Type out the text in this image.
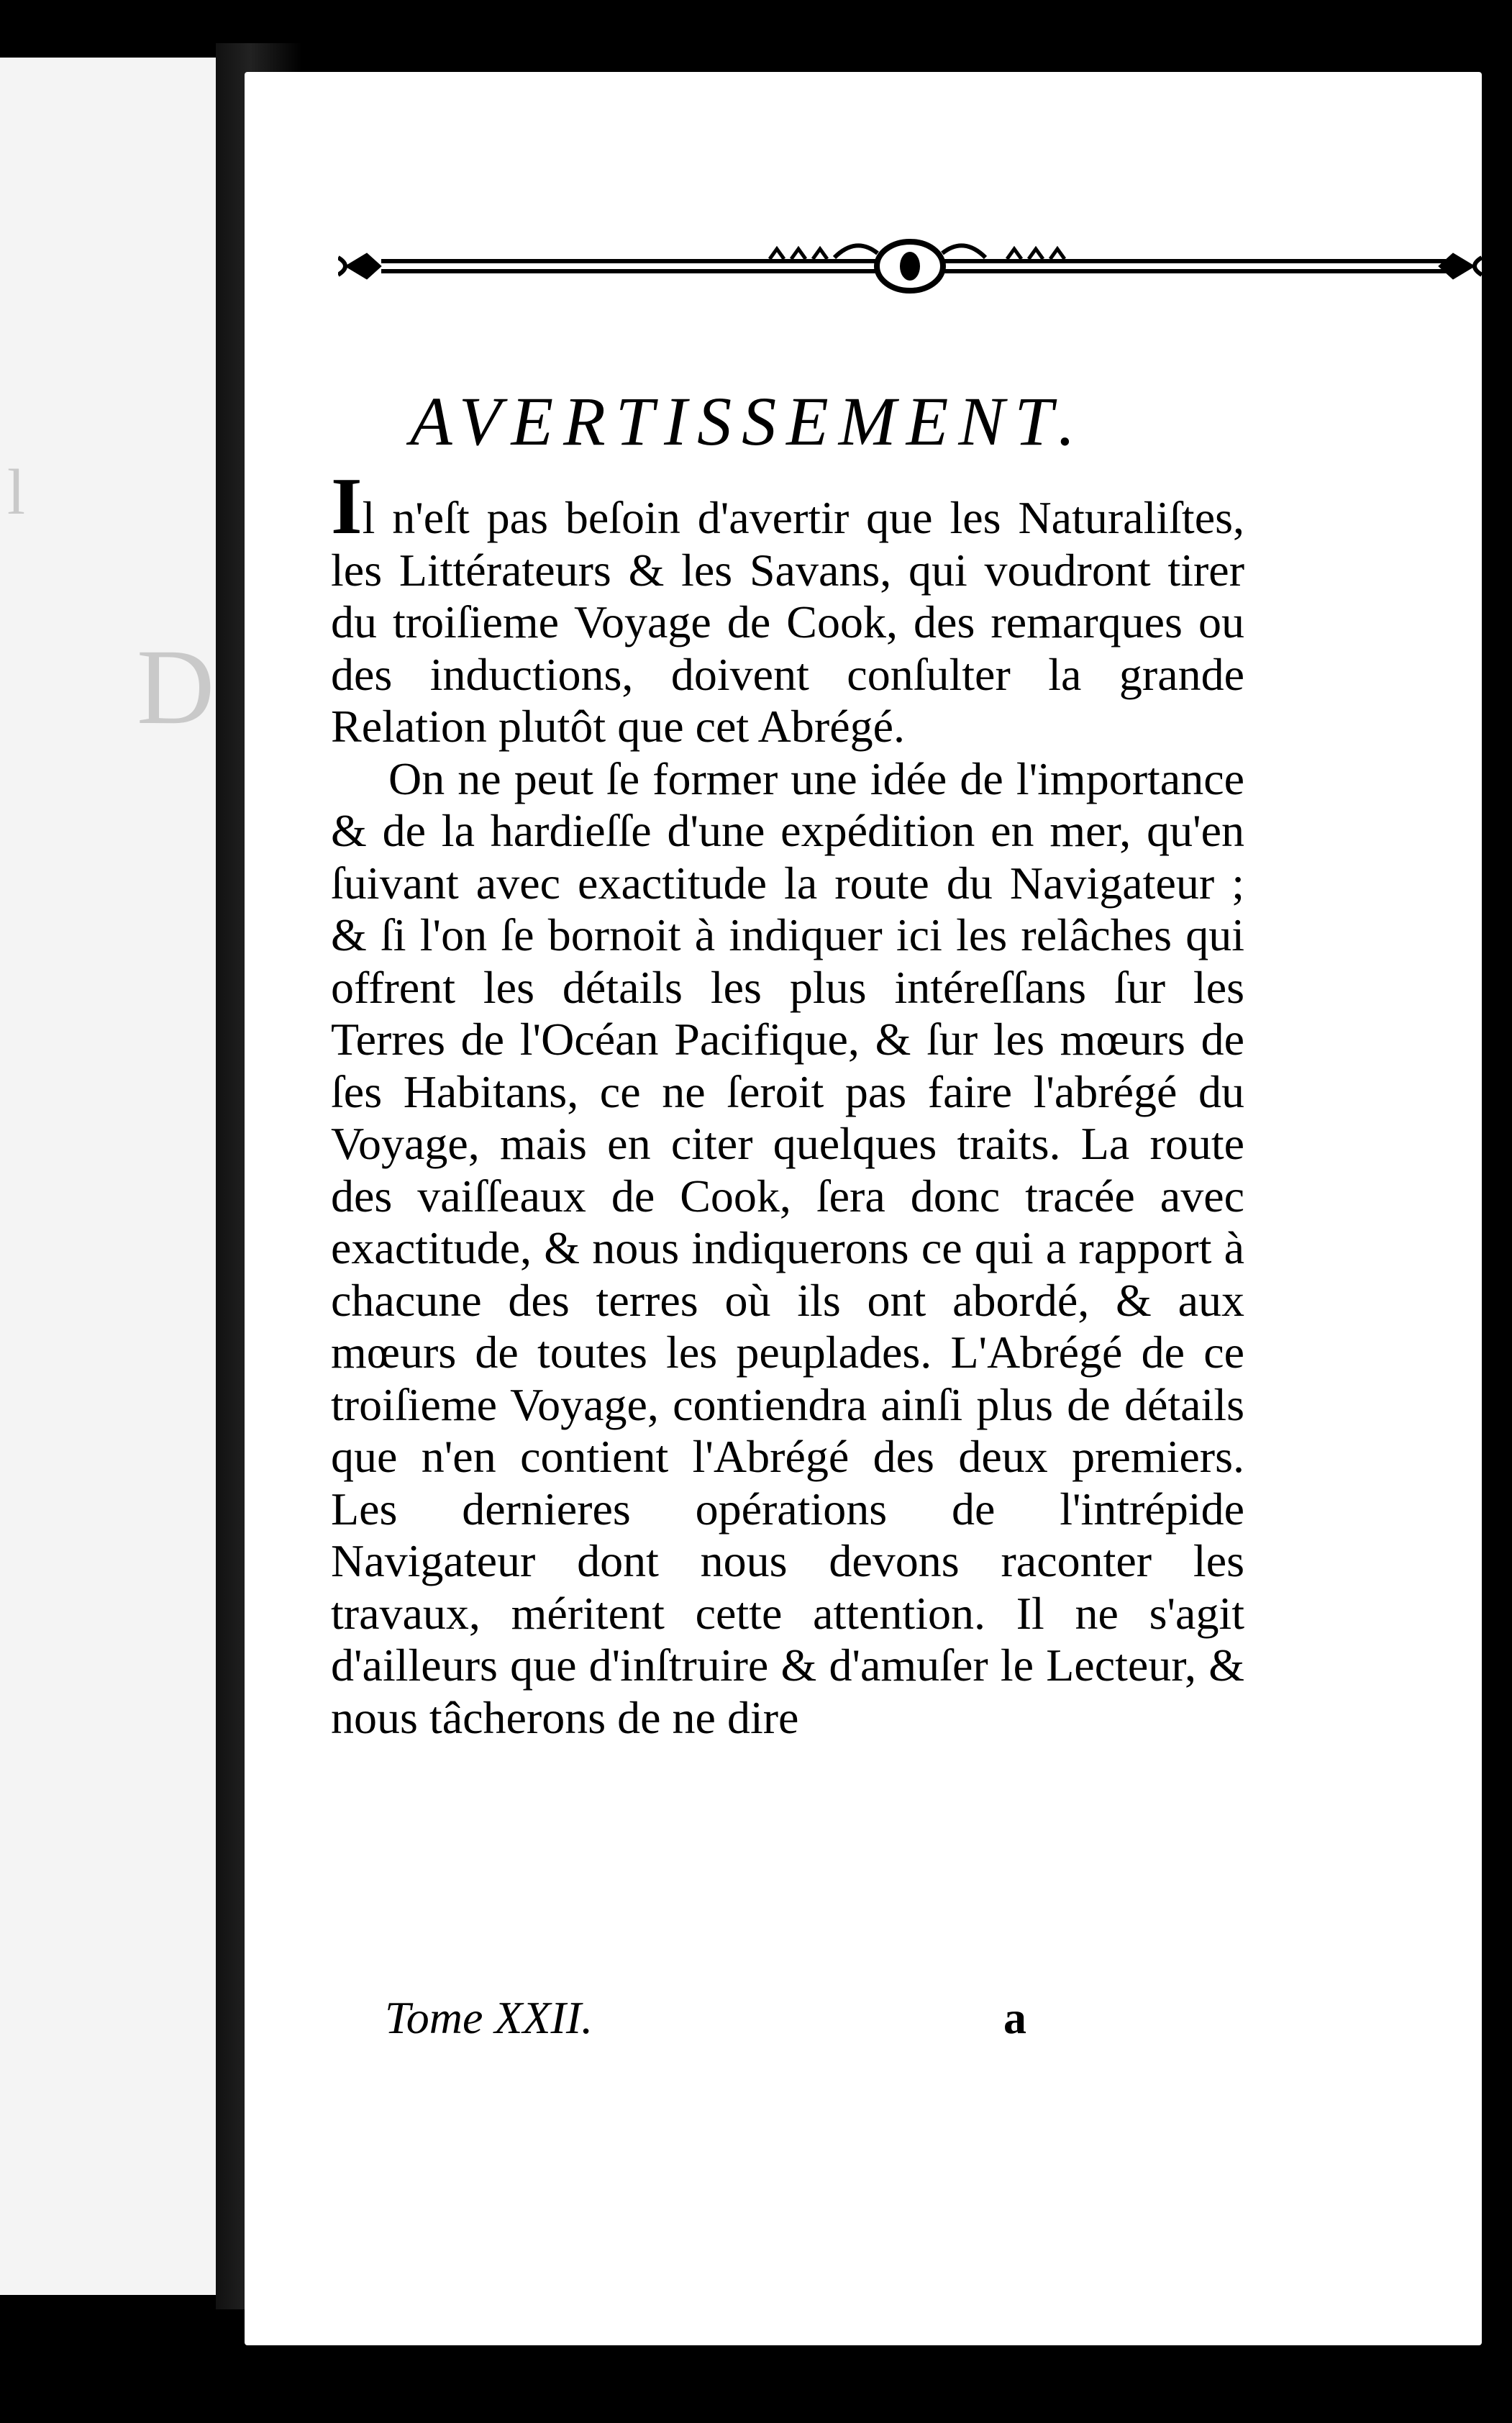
l
D
AVERTISSEMENT.

Il n'eſt pas beſoin d'avertir que les Naturaliſtes, les Littérateurs & les Savans, qui voudront tirer du troiſieme Voyage de Cook, des remarques ou des inductions, doivent conſulter la grande Relation plutôt que cet Abrégé.

On ne peut ſe former une idée de l'importance & de la hardieſſe d'une expédition en mer, qu'en ſuivant avec exactitude la route du Navigateur ; & ſi l'on ſe bornoit à indiquer ici les relâches qui offrent les détails les plus intéreſſans ſur les Terres de l'Océan Pacifique, & ſur les mœurs de ſes Habitans, ce ne ſeroit pas faire l'abrégé du Voyage, mais en citer quelques traits. La route des vaiſſeaux de Cook, ſera donc tracée avec exactitude, & nous indiquerons ce qui a rapport à chacune des terres où ils ont abordé, & aux mœurs de toutes les peuplades. L'Abrégé de ce troiſieme Voyage, contiendra ainſi plus de détails que n'en contient l'Abrégé des deux premiers. Les dernieres opérations de l'intrépide Navigateur dont nous devons raconter les travaux, méritent cette attention. Il ne s'agit d'ailleurs que d'inſtruire & d'amuſer le Lecteur, & nous tâcherons de ne dire

Tome XXII.	a
